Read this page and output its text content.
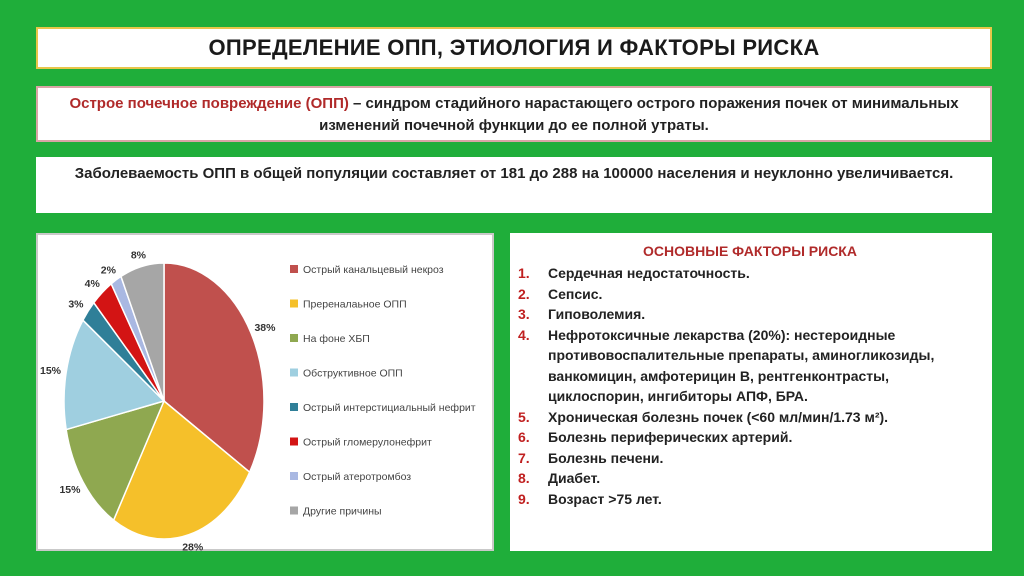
ОПРЕДЕЛЕНИЕ ОПП, ЭТИОЛОГИЯ И ФАКТОРЫ РИСКА
Острое почечное повреждение (ОПП) – синдром стадийного нарастающего острого поражения почек от минимальных изменений почечной функции до ее полной утраты.
Заболеваемость ОПП в общей популяции составляет от 181 до 288 на 100000 населения и неуклонно увеличивается.
38%
28%
15%
15%
3%
4%
2%
8%
Острый канальцевый некроз
Пререналаьное ОПП
На фоне ХБП
Обструктивное ОПП
Острый интерстициальный нефрит
Острый гломерулонефрит
Острый атеротромбоз
Другие причины
ОСНОВНЫЕ ФАКТОРЫ РИСКА
1.	Сердечная недостаточность.
2.	Сепсис.
3.	Гиповолемия.
4.	Нефротоксичные лекарства (20%): нестероидные противовоспалительные препараты, аминогликозиды, ванкомицин, амфотерицин В, рентгенконтрасты, циклоспорин, ингибиторы АПФ, БРА.
5.	Хроническая болезнь почек (<60 мл/мин/1.73 м²).
6.	Болезнь периферических артерий.
7.	Болезнь печени.
8.	Диабет.
9.	Возраст >75 лет.
